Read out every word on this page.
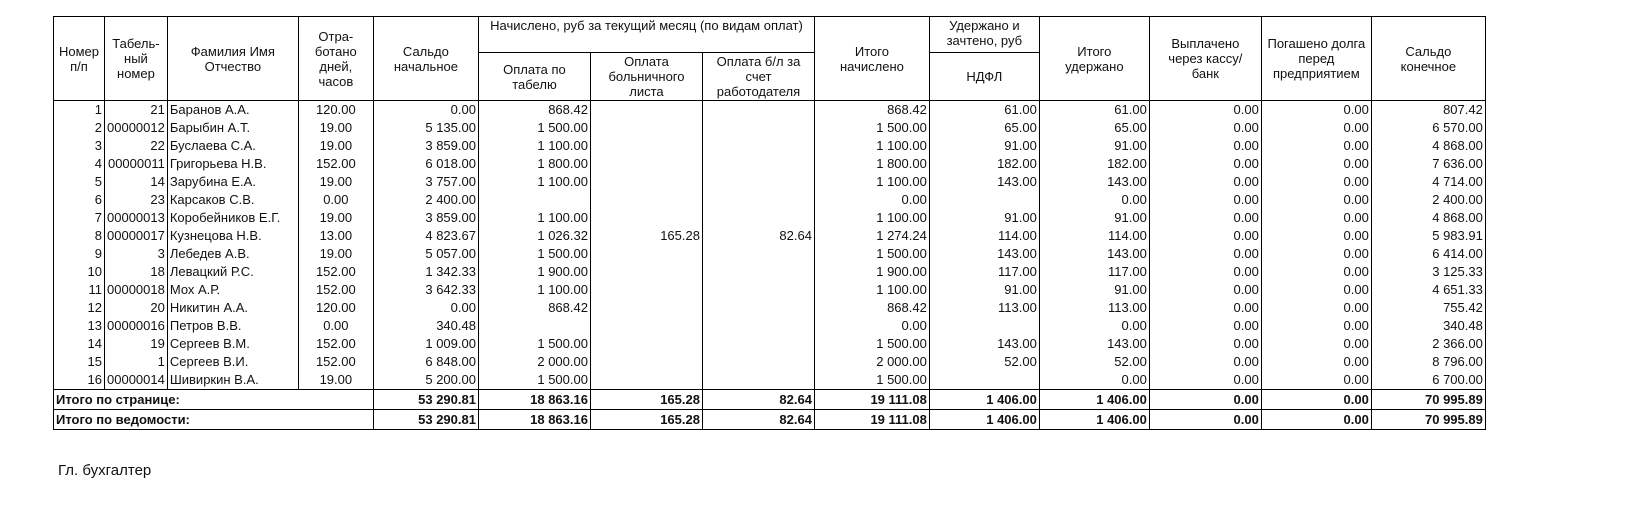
Номер п/п	Табель-ный номер	Фамилия Имя Отчество	Отра-ботано дней, часов	Сальдо начальное	Начислено, руб за текущий месяц (по видам оплат)			Итого начислено	Удержано и зачтено, руб	Итого удержано	Выплачено через кассу/банк	Погашено долга перед предприятием	Сальдо конечное
					Оплата по табелю	Оплата больничного листа	Оплата б/л за счет работодателя		НДФЛ				
1	21	Баранов А.А.	120.00	0.00	868.42			868.42	61.00	61.00	0.00	0.00	807.42
2	00000012	Барыбин А.Т.	19.00	5 135.00	1 500.00			1 500.00	65.00	65.00	0.00	0.00	6 570.00
3	22	Буслаева С.А.	19.00	3 859.00	1 100.00			1 100.00	91.00	91.00	0.00	0.00	4 868.00
4	00000011	Григорьева Н.В.	152.00	6 018.00	1 800.00			1 800.00	182.00	182.00	0.00	0.00	7 636.00
5	14	Зарубина Е.А.	19.00	3 757.00	1 100.00			1 100.00	143.00	143.00	0.00	0.00	4 714.00
6	23	Карсаков С.В.	0.00	2 400.00				0.00		0.00	0.00	0.00	2 400.00
7	00000013	Коробейников Е.Г.	19.00	3 859.00	1 100.00			1 100.00	91.00	91.00	0.00	0.00	4 868.00
8	00000017	Кузнецова Н.В.	13.00	4 823.67	1 026.32	165.28	82.64	1 274.24	114.00	114.00	0.00	0.00	5 983.91
9	3	Лебедев А.В.	19.00	5 057.00	1 500.00			1 500.00	143.00	143.00	0.00	0.00	6 414.00
10	18	Левацкий Р.С.	152.00	1 342.33	1 900.00			1 900.00	117.00	117.00	0.00	0.00	3 125.33
11	00000018	Мох А.Р.	152.00	3 642.33	1 100.00			1 100.00	91.00	91.00	0.00	0.00	4 651.33
12	20	Никитин А.А.	120.00	0.00	868.42			868.42	113.00	113.00	0.00	0.00	755.42
13	00000016	Петров В.В.	0.00	340.48				0.00		0.00	0.00	0.00	340.48
14	19	Сергеев В.М.	152.00	1 009.00	1 500.00			1 500.00	143.00	143.00	0.00	0.00	2 366.00
15	1	Сергеев В.И.	152.00	6 848.00	2 000.00			2 000.00	52.00	52.00	0.00	0.00	8 796.00
16	00000014	Шивиркин В.А.	19.00	5 200.00	1 500.00			1 500.00		0.00	0.00	0.00	6 700.00
Итого по странице:				53 290.81	18 863.16	165.28	82.64	19 111.08	1 406.00	1 406.00	0.00	0.00	70 995.89
Итого по ведомости:				53 290.81	18 863.16	165.28	82.64	19 111.08	1 406.00	1 406.00	0.00	0.00	70 995.89
Гл. бухгалтер
